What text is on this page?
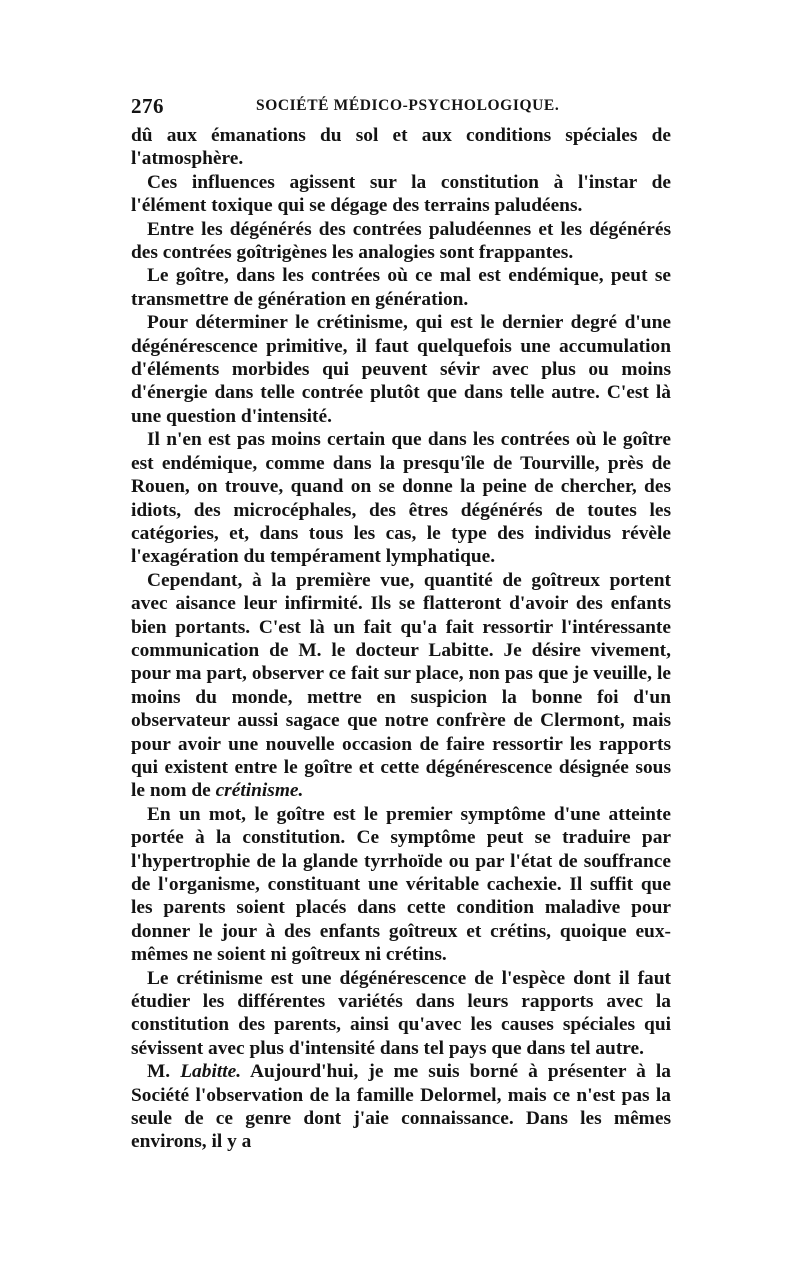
276	SOCIÉTÉ MÉDICO-PSYCHOLOGIQUE.

dû aux émanations du sol et aux conditions spéciales de l'atmosphère.

Ces influences agissent sur la constitution à l'instar de l'élément toxique qui se dégage des terrains paludéens.

Entre les dégénérés des contrées paludéennes et les dégénérés des contrées goîtrigènes les analogies sont frappantes.

Le goître, dans les contrées où ce mal est endémique, peut se transmettre de génération en génération.

Pour déterminer le crétinisme, qui est le dernier degré d'une dégénérescence primitive, il faut quelquefois une accumulation d'éléments morbides qui peuvent sévir avec plus ou moins d'énergie dans telle contrée plutôt que dans telle autre. C'est là une question d'intensité.

Il n'en est pas moins certain que dans les contrées où le goître est endémique, comme dans la presqu'île de Tourville, près de Rouen, on trouve, quand on se donne la peine de chercher, des idiots, des microcéphales, des êtres dégénérés de toutes les catégories, et, dans tous les cas, le type des individus révèle l'exagération du tempérament lymphatique.

Cependant, à la première vue, quantité de goîtreux portent avec aisance leur infirmité. Ils se flatteront d'avoir des enfants bien portants. C'est là un fait qu'a fait ressortir l'intéressante communication de M. le docteur Labitte. Je désire vivement, pour ma part, observer ce fait sur place, non pas que je veuille, le moins du monde, mettre en suspicion la bonne foi d'un observateur aussi sagace que notre confrère de Clermont, mais pour avoir une nouvelle occasion de faire ressortir les rapports qui existent entre le goître et cette dégénérescence désignée sous le nom de crétinisme.

En un mot, le goître est le premier symptôme d'une atteinte portée à la constitution. Ce symptôme peut se traduire par l'hypertrophie de la glande tyrrhoïde ou par l'état de souffrance de l'organisme, constituant une véritable cachexie. Il suffit que les parents soient placés dans cette condition maladive pour donner le jour à des enfants goîtreux et crétins, quoique eux-mêmes ne soient ni goîtreux ni crétins.

Le crétinisme est une dégénérescence de l'espèce dont il faut étudier les différentes variétés dans leurs rapports avec la constitution des parents, ainsi qu'avec les causes spéciales qui sévissent avec plus d'intensité dans tel pays que dans tel autre.

M. Labitte. Aujourd'hui, je me suis borné à présenter à la Société l'observation de la famille Delormel, mais ce n'est pas la seule de ce genre dont j'aie connaissance. Dans les mêmes environs, il y a
